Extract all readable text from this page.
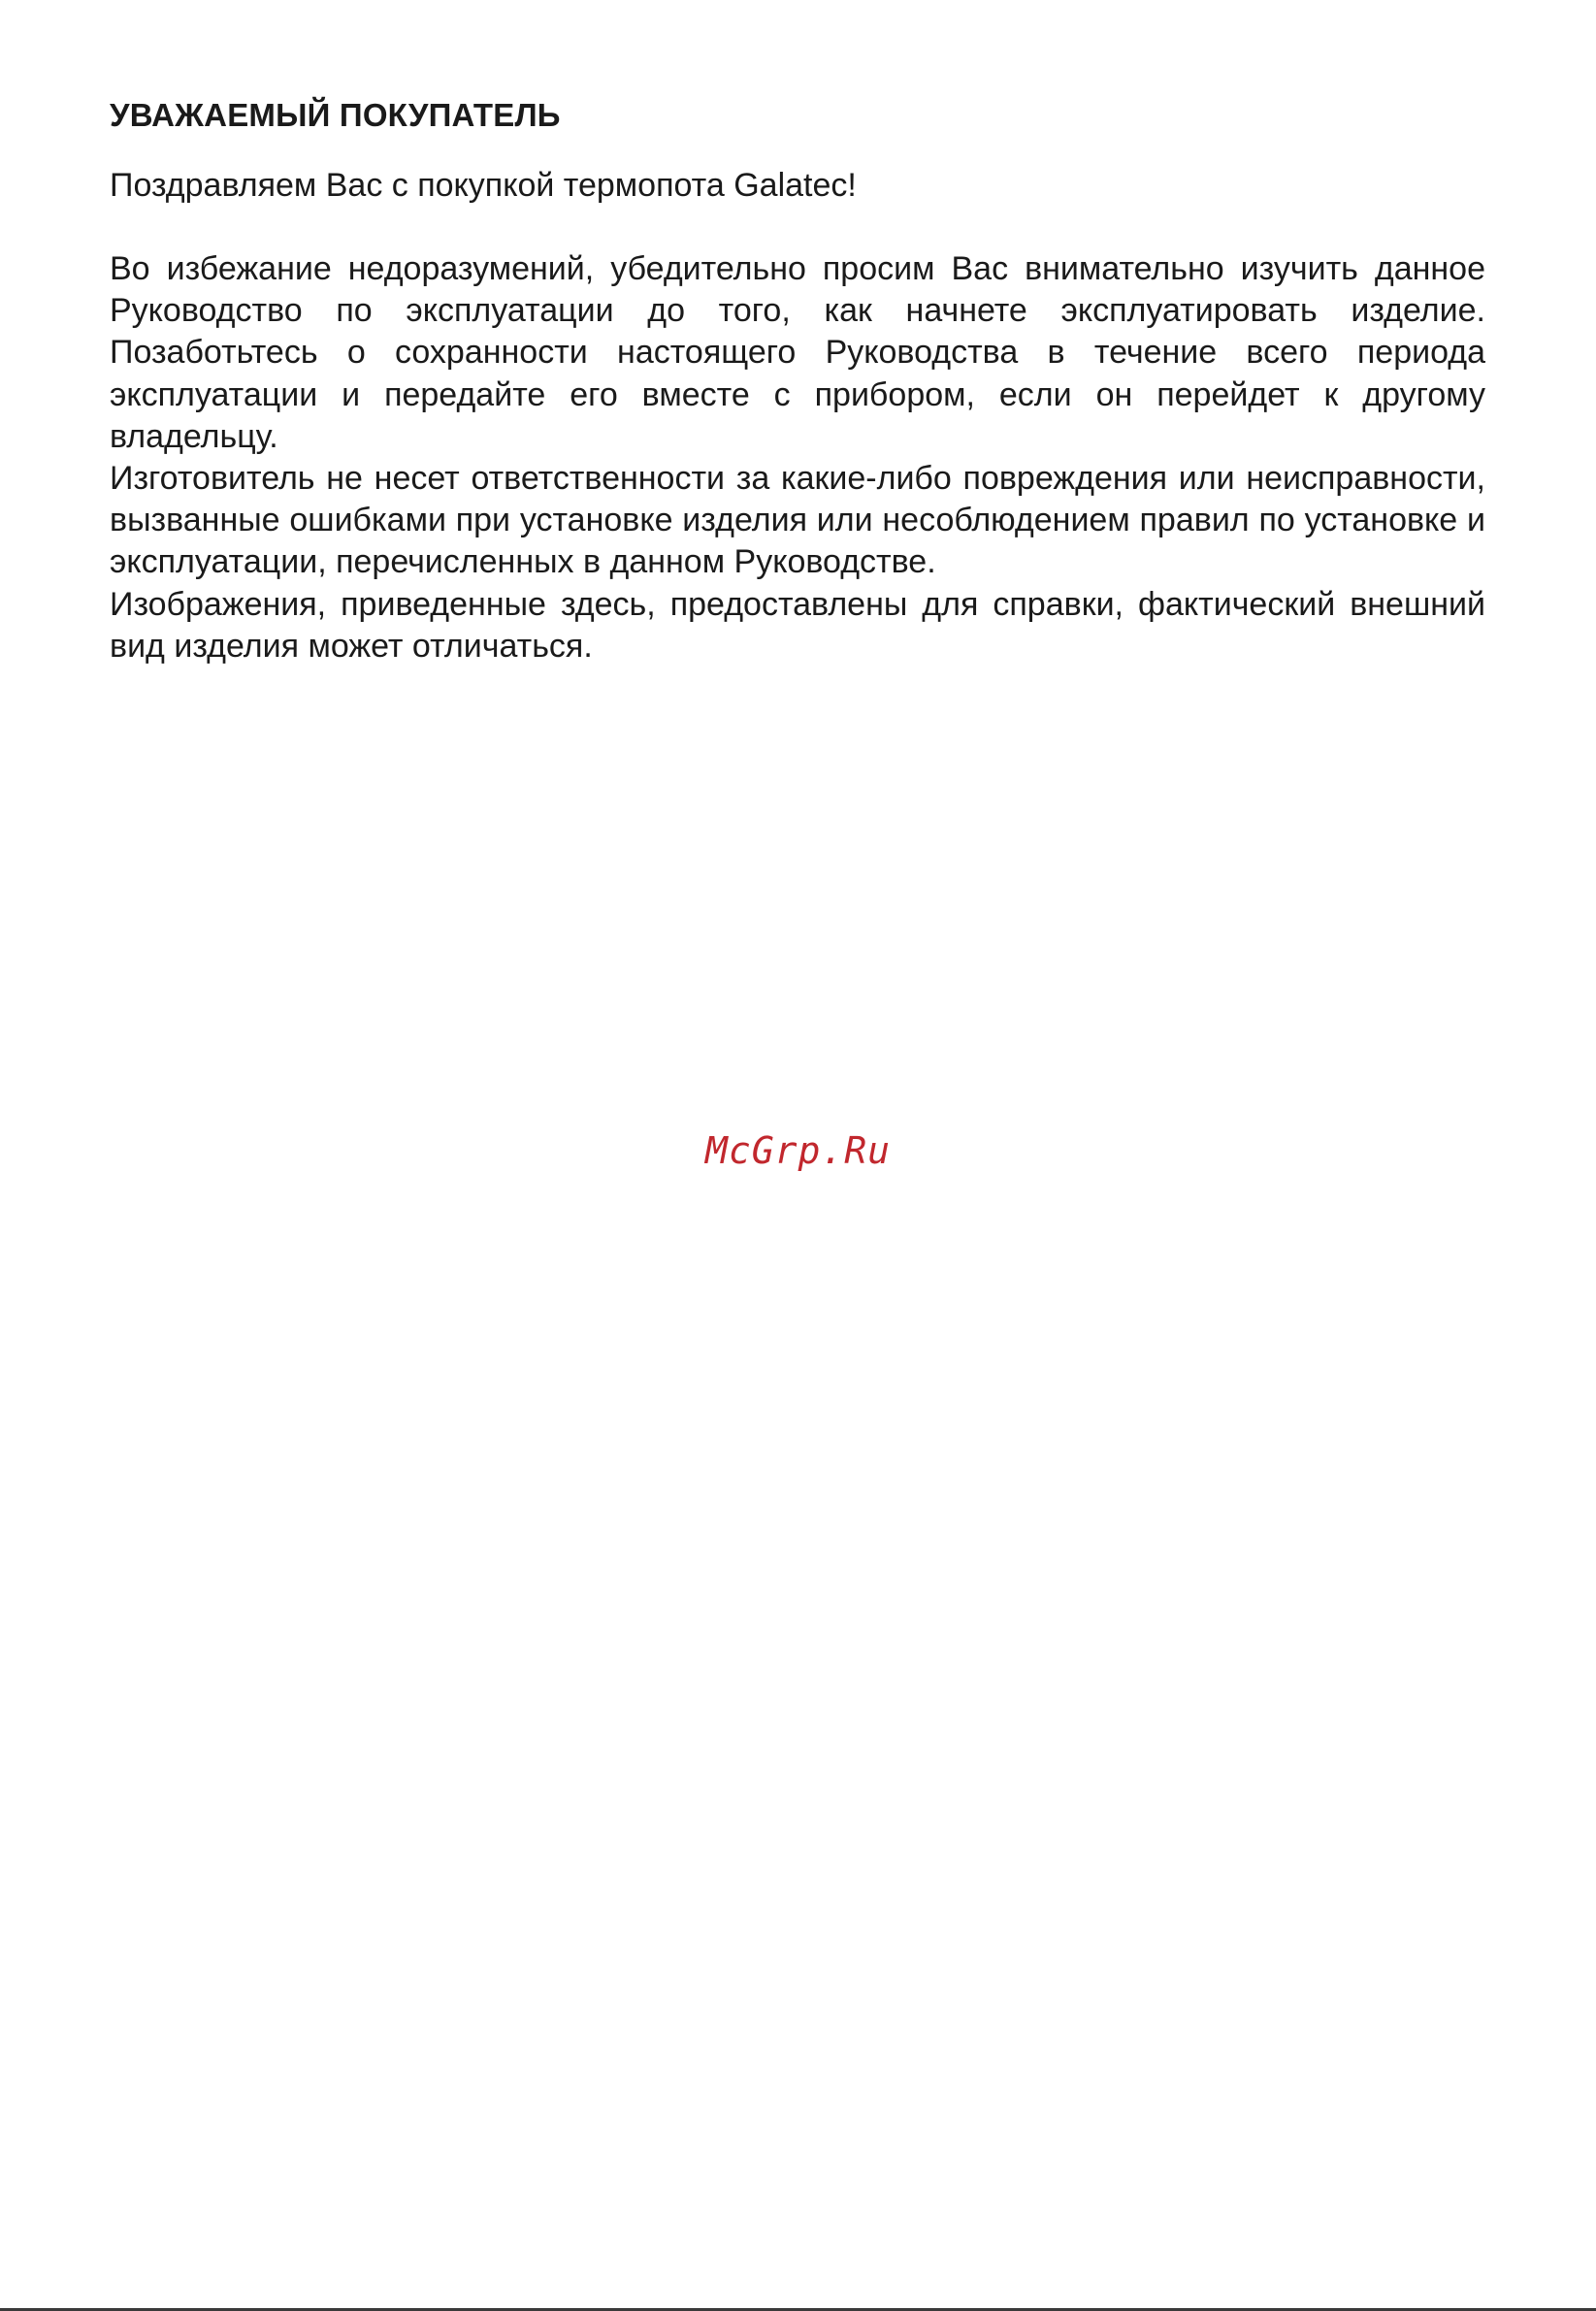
УВАЖАЕМЫЙ ПОКУПАТЕЛЬ
Поздравляем Вас с покупкой термопота Galatec!

Во избежание недоразумений, убедительно просим Вас внимательно изучить данное Руководство по эксплуатации до того, как начнете эксплуатировать изделие. Позаботьтесь о сохранности настоящего Руководства в течение всего периода эксплуатации и передайте его вместе с прибором, если он перейдет к другому владельцу.

Изготовитель не несет ответственности за какие-либо повреждения или неисправности, вызванные ошибками при установке изделия или несоблюдением правил по установке и эксплуатации, перечисленных в данном Руководстве.

Изображения, приведенные здесь, предоставлены для справки, фактический внешний вид изделия может отличаться.

McGrp.Ru
